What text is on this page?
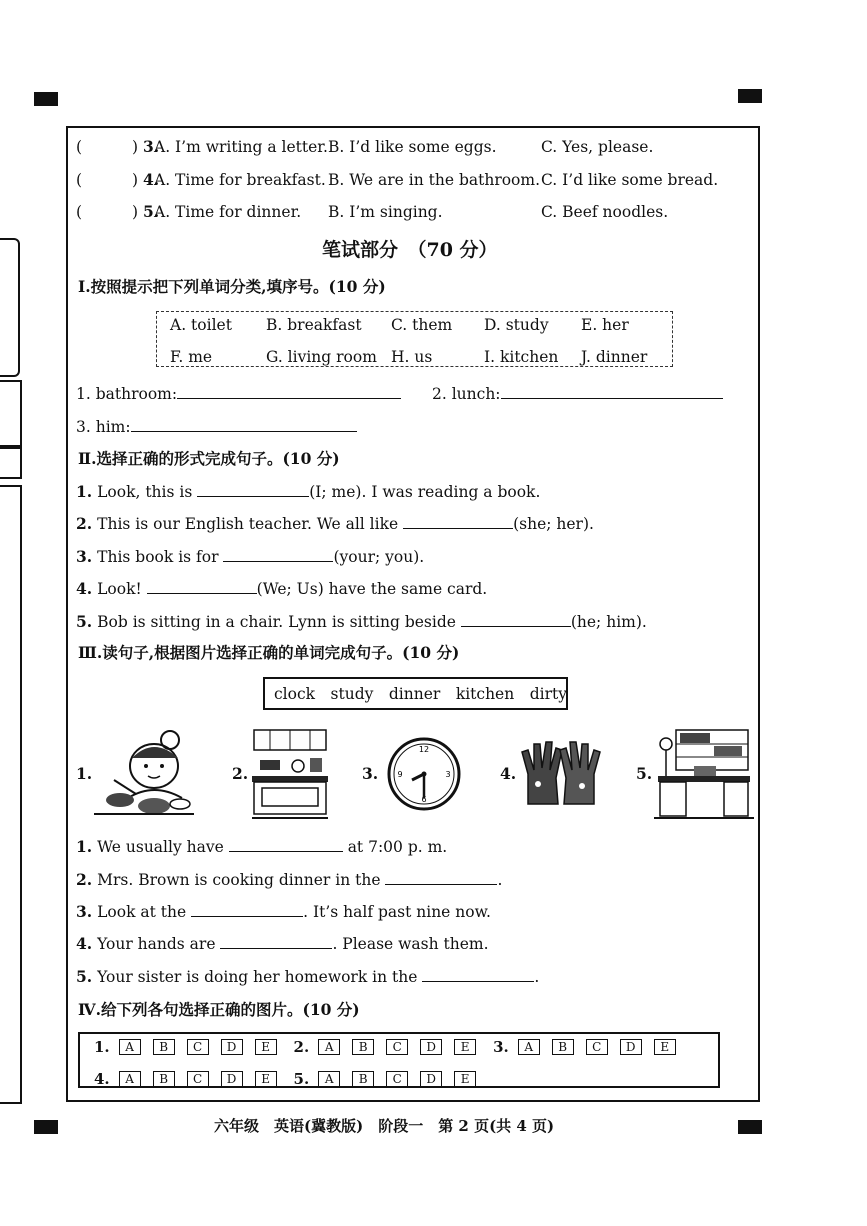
(	) 3.
A. I’m writing a letter. B. I’d like some eggs.	C. Yes, please.
(	) 4.
A. Time for breakfast. B. We are in the bathroom. C. I’d like some bread.
(	) 5.
A. Time for dinner. B. I’m singing.	C. Beef noodles.
笔试部分　（70 分）
Ⅰ.按照提示把下列单词分类,填序号。(10 分)
A. toilet B. breakfast C. them D. study E. her
F. me	G. living room H. us	I. kitchen J. dinner
1. bathroom:	2. lunch:
3. him:
Ⅱ.选择正确的形式完成句子。(10 分)
1. Look, this is	(I; me). I was reading a book.
2. This is our English teacher. We all like	(she; her).
3. This book is for	(your; you).
4. Look!	(We; Us) have the same card.
5. Bob is sitting in a chair. Lynn is sitting beside	(he; him).
Ⅲ.读句子,根据图片选择正确的单词完成句子。(10 分)
clock　study　dinner　kitchen　dirty
1.	2.	3.
12
3
6
9	4.	5.
1. We usually have	at 7:00 p. m.
2. Mrs. Brown is cooking dinner in the	.
3. Look at the	. It’s half past nine now.
4. Your hands are	. Please wash them.
5. Your sister is doing her homework in the	.
Ⅳ.给下列各句选择正确的图片。(10 分)
1. A B C D E 2. A B C D E 3. A B C D E
4. A B C D E 5. A B C D E
六年级　英语(冀教版)　阶段一　第 2 页(共 4 页)
